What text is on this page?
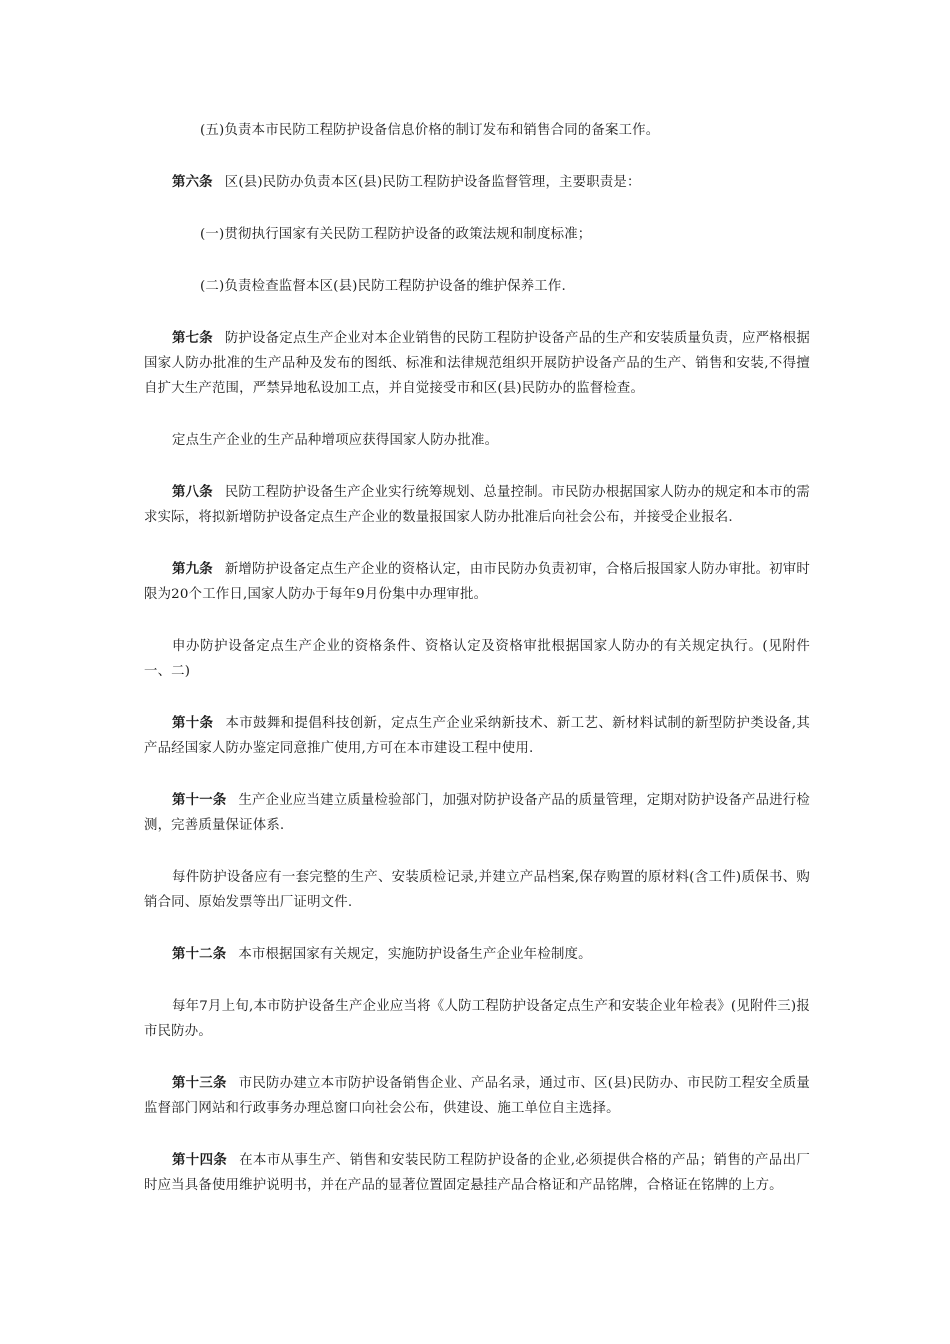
(五)负责本市民防工程防护设备信息价格的制订发布和销售合同的备案工作。

第六条 区(县)民防办负责本区(县)民防工程防护设备监督管理，主要职责是：

(一)贯彻执行国家有关民防工程防护设备的政策法规和制度标准；

(二)负责检查监督本区(县)民防工程防护设备的维护保养工作.

第七条 防护设备定点生产企业对本企业销售的民防工程防护设备产品的生产和安装质量负责，应严格根据国家人防办批准的生产品种及发布的图纸、标准和法律规范组织开展防护设备产品的生产、销售和安装,不得擅自扩大生产范围，严禁异地私设加工点，并自觉接受市和区(县)民防办的监督检查。

定点生产企业的生产品种增项应获得国家人防办批准。

第八条 民防工程防护设备生产企业实行统筹规划、总量控制。市民防办根据国家人防办的规定和本市的需求实际，将拟新增防护设备定点生产企业的数量报国家人防办批准后向社会公布，并接受企业报名.

第九条 新增防护设备定点生产企业的资格认定，由市民防办负责初审，合格后报国家人防办审批。初审时限为20个工作日,国家人防办于每年9月份集中办理审批。

申办防护设备定点生产企业的资格条件、资格认定及资格审批根据国家人防办的有关规定执行。(见附件一、二)

第十条 本市鼓舞和提倡科技创新，定点生产企业采纳新技术、新工艺、新材料试制的新型防护类设备,其产品经国家人防办鉴定同意推广使用,方可在本市建设工程中使用.

第十一条 生产企业应当建立质量检验部门，加强对防护设备产品的质量管理，定期对防护设备产品进行检测，完善质量保证体系.

每件防护设备应有一套完整的生产、安装质检记录,并建立产品档案,保存购置的原材料(含工件)质保书、购销合同、原始发票等出厂证明文件.

第十二条 本市根据国家有关规定，实施防护设备生产企业年检制度。

每年7月上旬,本市防护设备生产企业应当将《人防工程防护设备定点生产和安装企业年检表》(见附件三)报市民防办。

第十三条 市民防办建立本市防护设备销售企业、产品名录，通过市、区(县)民防办、市民防工程安全质量监督部门网站和行政事务办理总窗口向社会公布，供建设、施工单位自主选择。

第十四条 在本市从事生产、销售和安装民防工程防护设备的企业,必须提供合格的产品；销售的产品出厂时应当具备使用维护说明书，并在产品的显著位置固定悬挂产品合格证和产品铭牌，合格证在铭牌的上方。
